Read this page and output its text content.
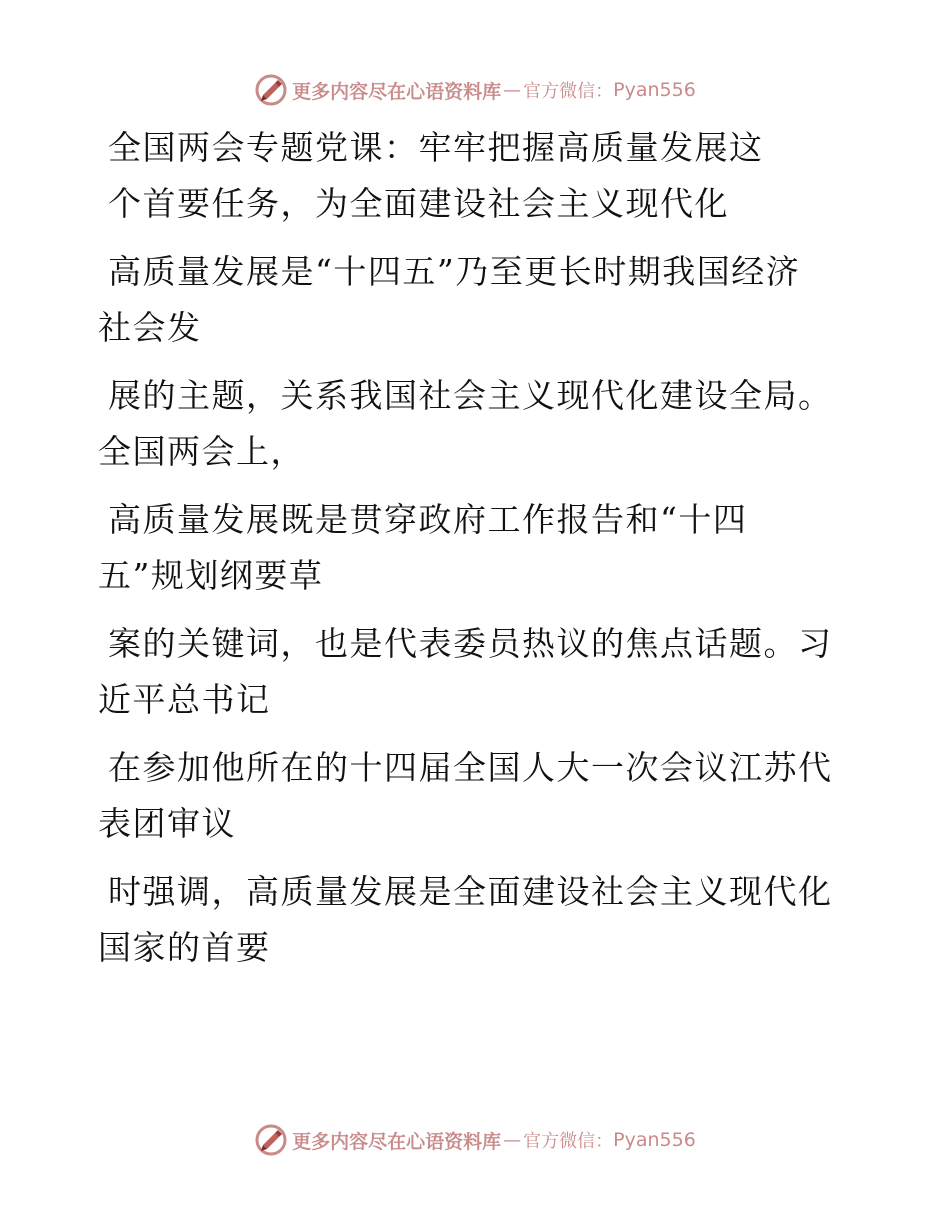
更多内容尽在心语资料库 — 官方微信： Pyan556
全国两会专题党课：牢牢把握高质量发展这
个首要任务，为全面建设社会主义现代化
高质量发展是“十四五”乃至更长时期我国经济
社会发
展的主题，关系我国社会主义现代化建设全局。
全国两会上，
高质量发展既是贯穿政府工作报告和“十四
五”规划纲要草
案的关键词，也是代表委员热议的焦点话题。习
近平总书记
在参加他所在的十四届全国人大一次会议江苏代
表团审议
时强调，高质量发展是全面建设社会主义现代化
国家的首要
更多内容尽在心语资料库 — 官方微信： Pyan556
